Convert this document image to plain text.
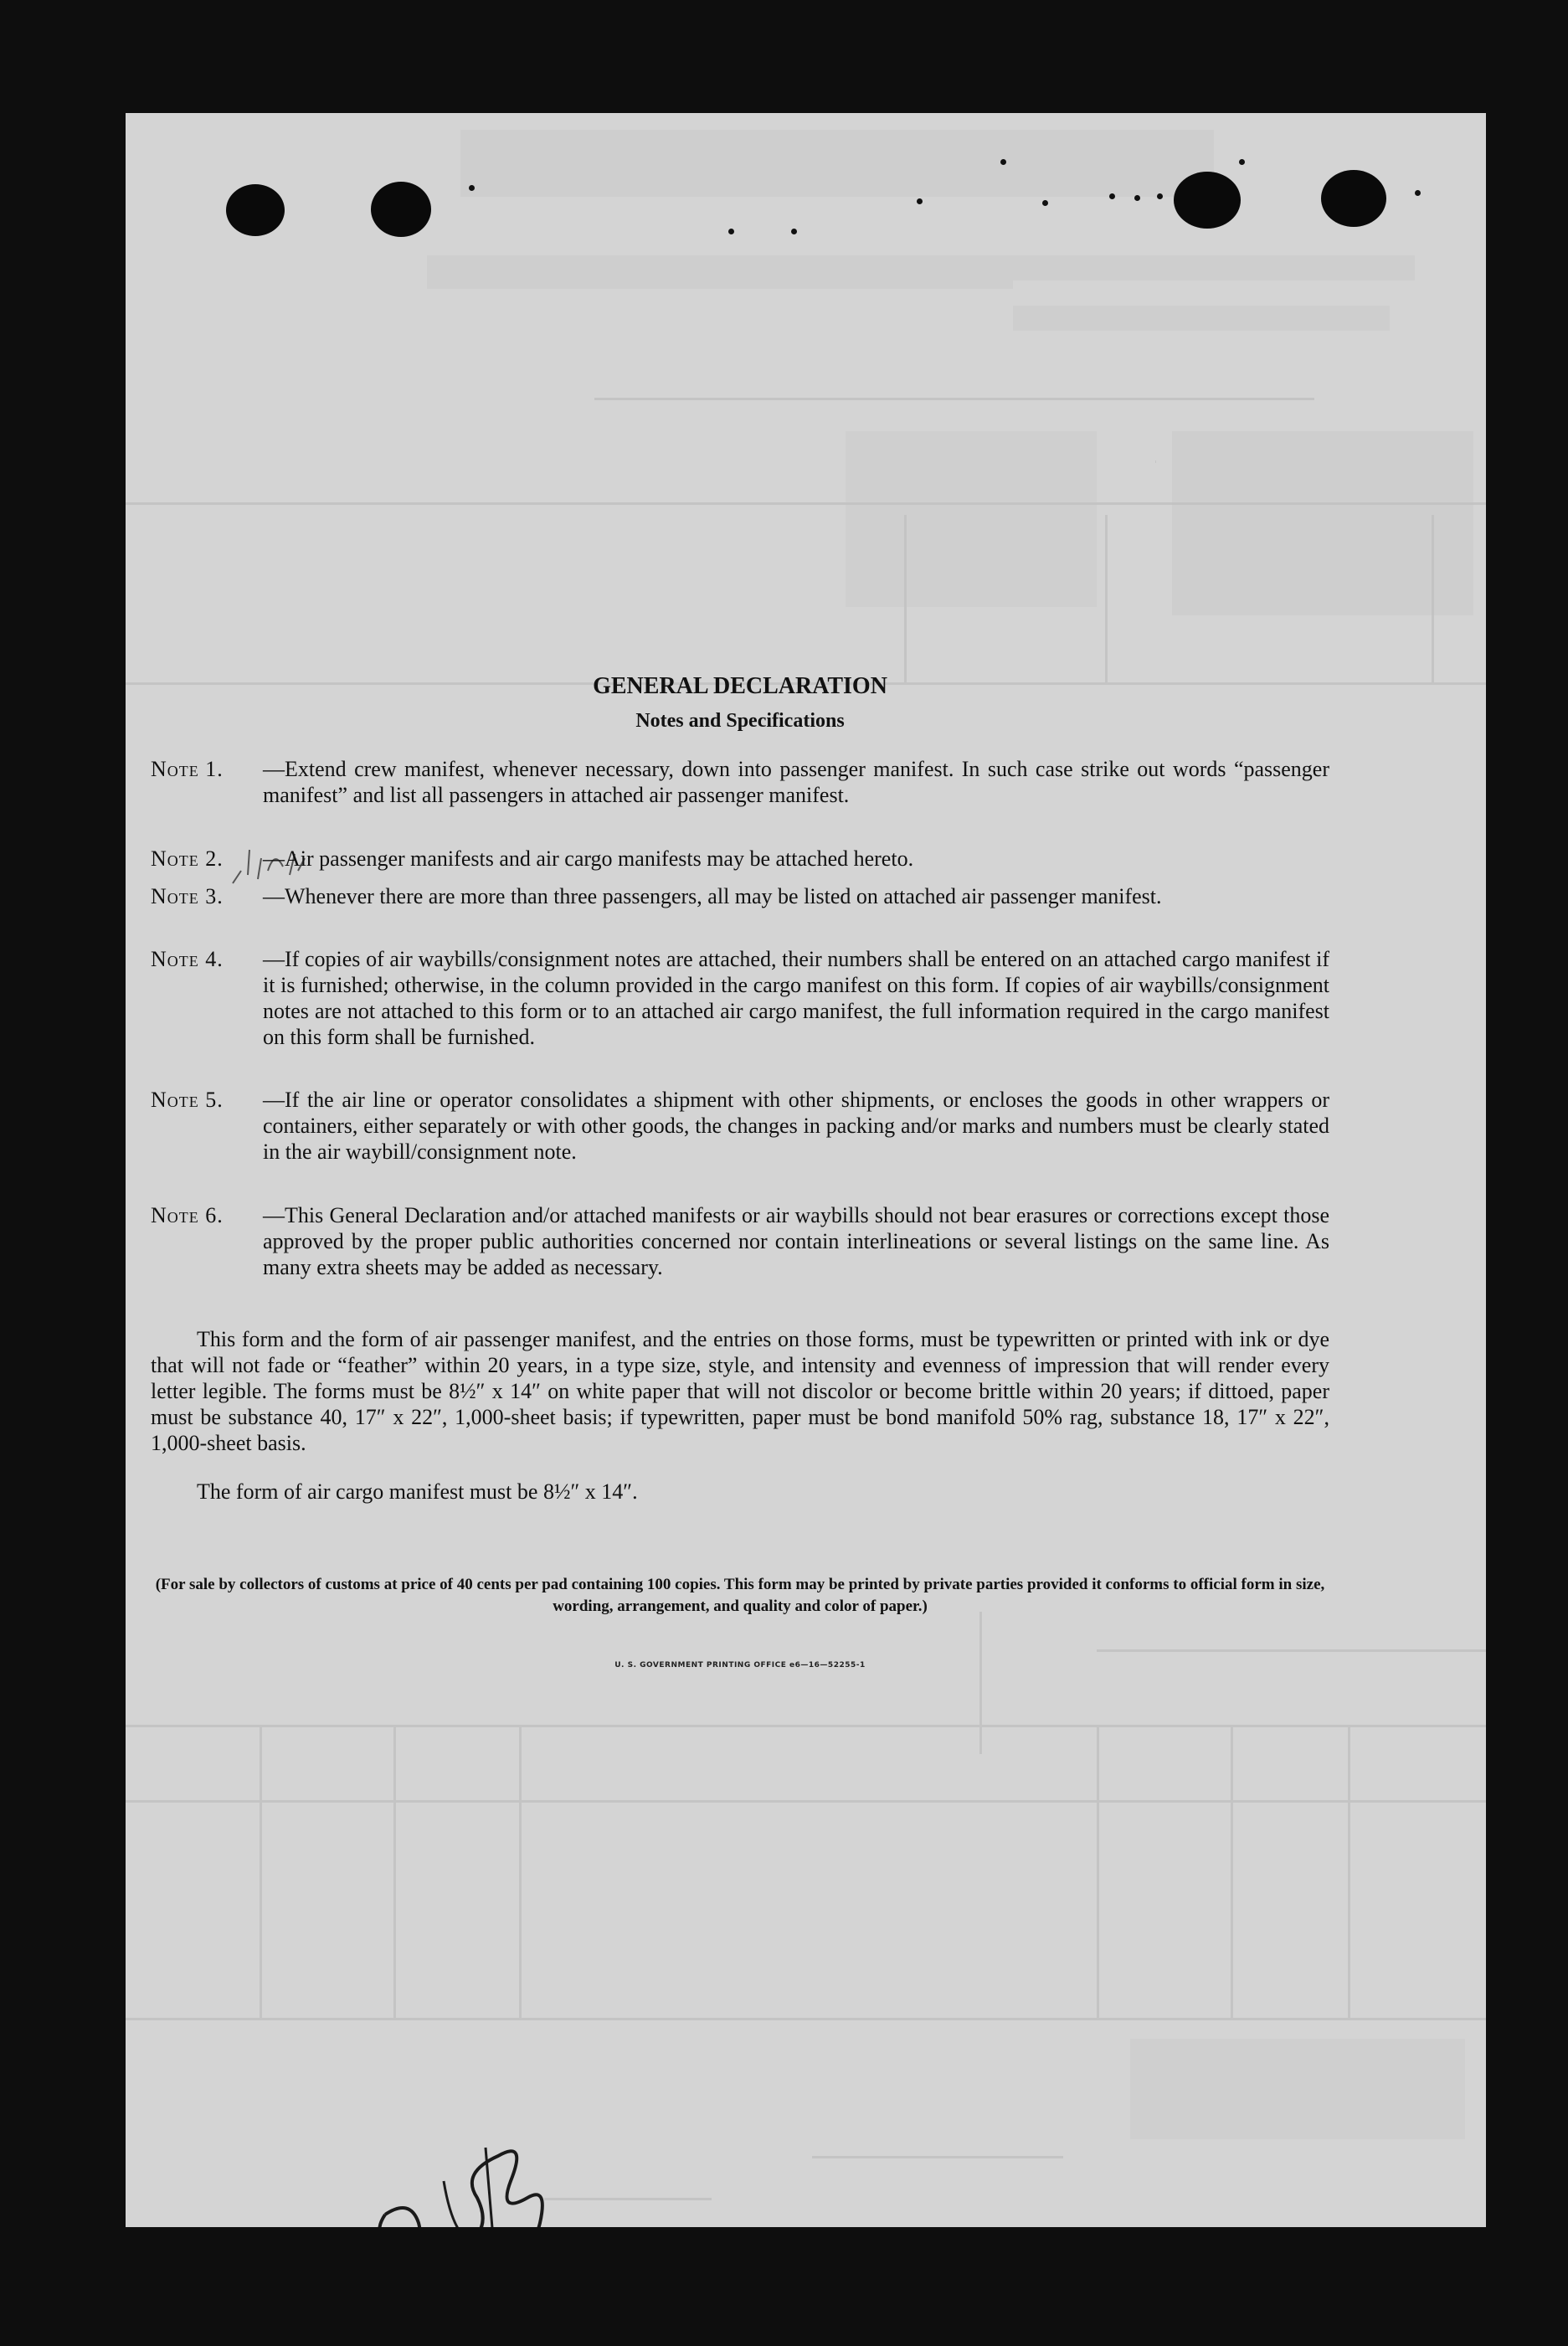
GENERAL DECLARATION
Notes and Specifications
Note 1. —Extend crew manifest, whenever necessary, down into passenger manifest. In such case strike out words “passenger manifest” and list all passengers in attached air passenger manifest.
Note 2. —Air passenger manifests and air cargo manifests may be attached hereto.
Note 3. —Whenever there are more than three passengers, all may be listed on attached air passenger manifest.
Note 4. —If copies of air waybills/consignment notes are attached, their numbers shall be entered on an attached cargo manifest if it is furnished; otherwise, in the column provided in the cargo manifest on this form. If copies of air waybills/consignment notes are not attached to this form or to an attached air cargo manifest, the full information required in the cargo manifest on this form shall be furnished.
Note 5. —If the air line or operator consolidates a shipment with other shipments, or encloses the goods in other wrappers or containers, either separately or with other goods, the changes in packing and/or marks and numbers must be clearly stated in the air waybill/consignment note.
Note 6. —This General Declaration and/or attached manifests or air waybills should not bear erasures or corrections except those approved by the proper public authorities concerned nor contain interlineations or several listings on the same line. As many extra sheets may be added as necessary.
This form and the form of air passenger manifest, and the entries on those forms, must be typewritten or printed with ink or dye that will not fade or “feather” within 20 years, in a type size, style, and intensity and evenness of impression that will render every letter legible. The forms must be 8½″ x 14″ on white paper that will not discolor or become brittle within 20 years; if dittoed, paper must be substance 40, 17″ x 22″, 1,000-sheet basis; if typewritten, paper must be bond manifold 50% rag, substance 18, 17″ x 22″, 1,000-sheet basis.
The form of air cargo manifest must be 8½″ x 14″.
(For sale by collectors of customs at price of 40 cents per pad containing 100 copies. This form may be printed by private parties provided it conforms to official form in size, wording, arrangement, and quality and color of paper.)
U. S. GOVERNMENT PRINTING OFFICE e6—16—52255-1
